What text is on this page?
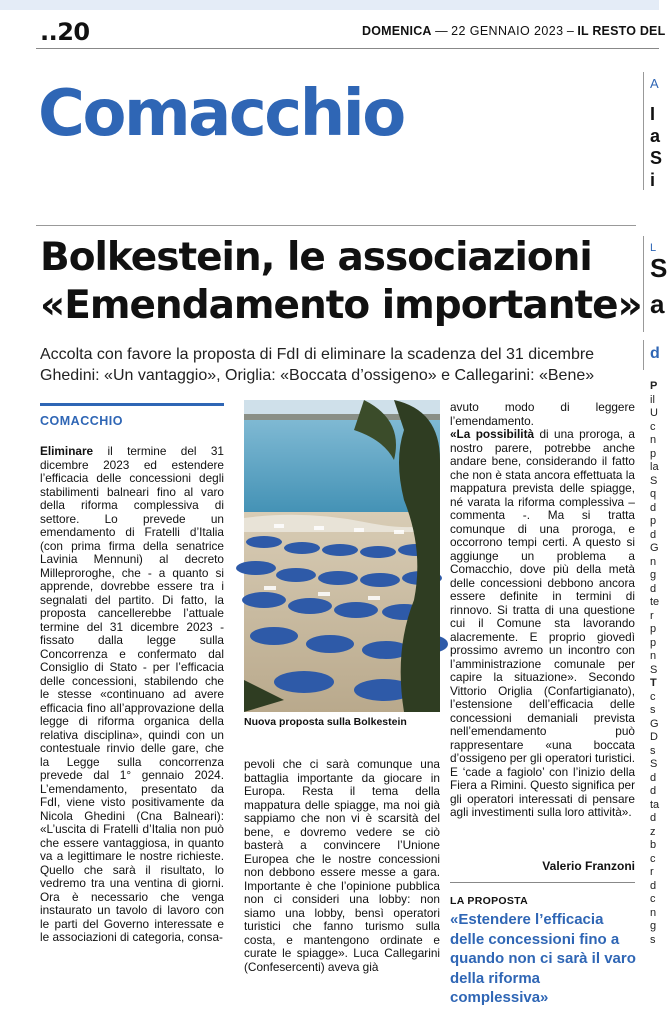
..20	DOMENICA — 22 GENNAIO 2023 – IL RESTO DEL
Comacchio	A
I
a
S
i
L
S
a
d
P
il
U
c
n
p
la
S
q
d
p
d
G
n
g
d
te
r
p
p
n
S
T
c
s
G
D
s
S
d
d
ta
d
z
b
c
r
d
c
n
g
s
Bolkestein, le associazioni
«Emendamento importante»
Accolta con favore la proposta di FdI di eliminare la scadenza del 31 dicembre
Ghedini: «Un vantaggio», Origlia: «Boccata d’ossigeno» e Callegarini: «Bene»
COMACCHIO

Eliminare il termine del 31 dicembre 2023 ed estendere l’efficacia delle concessioni degli stabilimenti balneari fino al varo della riforma complessiva di settore. Lo prevede un emendamento di Fratelli d’Italia (con prima firma della senatrice Lavinia Mennuni) al decreto Milleproroghe, che - a quanto si apprende, dovrebbe essere tra i segnalati del partito. Di fatto, la proposta cancellerebbe l’attuale termine del 31 dicembre 2023 - fissato dalla legge sulla Concorrenza e confermato dal Consiglio di Stato - per l’efficacia delle concessioni, stabilendo che le stesse «continuano ad avere efficacia fino all’approvazione della legge di riforma organica della relativa disciplina», quindi con un contestuale rinvio delle gare, che la Legge sulla concorrenza prevede dal 1° gennaio 2024. L’emendamento, presentato da FdI, viene visto positivamente da Nicola Ghedini (Cna Balneari): «L’uscita di Fratelli d’Italia non può che essere vantaggiosa, in quanto va a legittimare le nostre richieste. Quello che sarà il risultato, lo vedremo tra una ventina di giorni. Ora è necessario che venga instaurato un tavolo di lavoro con le parti del Governo interessate e le associazioni di categoria, consa-

Nuova proposta sulla Bolkestein

pevoli che ci sarà comunque una battaglia importante da giocare in Europa. Resta il tema della mappatura delle spiagge, ma noi già sappiamo che non vi è scarsità del bene, e dovremo vedere se ciò basterà a convincere l’Unione Europea che le nostre concessioni non debbono essere messe a gara. Importante è che l’opinione pubblica non ci consideri una lobby: non siamo una lobby, bensì operatori turistici che fanno turismo sulla costa, e mantengono ordinate e curate le spiagge». Luca Callegarini (Confesercenti) aveva già

avuto modo di leggere l’emendamento.

«La possibilità di una proroga, a nostro parere, potrebbe anche andare bene, considerando il fatto che non è stata ancora effettuata la mappatura prevista delle spiagge, né varata la riforma complessiva – commenta -. Ma si tratta comunque di una proroga, e occorrono tempi certi. A questo si aggiunge un problema a Comacchio, dove più della metà delle concessioni debbono ancora essere definite in termini di rinnovo. Si tratta di una questione cui il Comune sta lavorando alacremente. E proprio giovedì prossimo avremo un incontro con l’amministrazione comunale per capire la situazione». Secondo Vittorio Origlia (Confartigianato), l’estensione dell’efficacia delle concessioni demaniali prevista nell’emendamento può rappresentare «una boccata d’ossigeno per gli operatori turistici. E ‘cade a fagiolo’ con l’inizio della Fiera a Rimini. Questo significa per gli operatori interessati di pensare agli investimenti sulla loro attività».

Valerio Franzoni
LA PROPOSTA
«Estendere l’efficacia delle concessioni fino a quando non ci sarà il varo della riforma complessiva»
